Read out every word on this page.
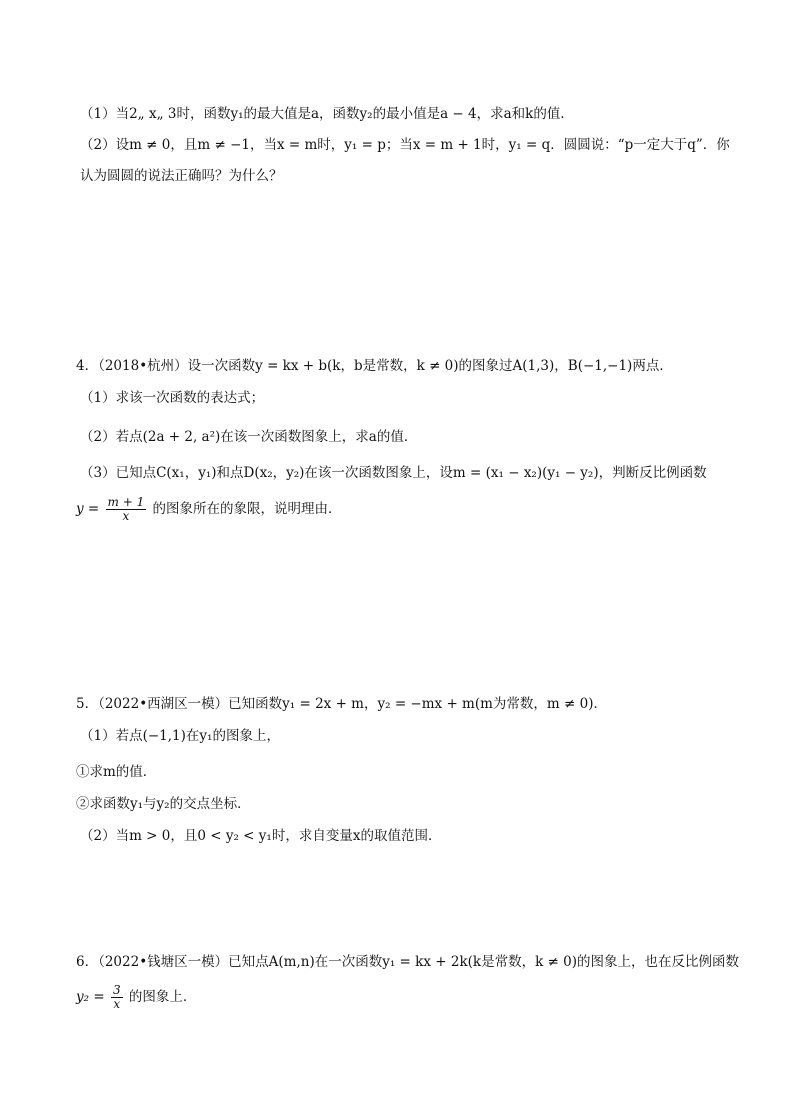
（1）当2„ x„ 3时，函数y₁的最大值是a，函数y₂的最小值是a − 4，求a和k的值．
（2）设m ≠ 0，且m ≠ −1，当x = m时，y₁ = p；当x = m + 1时，y₁ = q．圆圆说：“p一定大于q”．你
认为圆圆的说法正确吗？为什么？
4．（2018•杭州）设一次函数y = kx + b(k，b是常数，k ≠ 0)的图象过A(1,3)，B(−1,−1)两点．
（1）求该一次函数的表达式；
（2）若点(2a + 2, a²)在该一次函数图象上，求a的值．
（3）已知点C(x₁，y₁)和点D(x₂，y₂)在该一次函数图象上，设m = (x₁ − x₂)(y₁ − y₂)，判断反比例函数
$y = \frac{m + 1}{x}$ 的图象所在的象限，说明理由．
5．（2022•西湖区一模）已知函数y₁ = 2x + m，y₂ = −mx + m(m为常数，m ≠ 0)．
（1）若点(−1,1)在y₁的图象上，
①求m的值．
②求函数y₁与y₂的交点坐标．
（2）当m > 0，且0 < y₂ < y₁时，求自变量x的取值范围．
6．（2022•钱塘区一模）已知点A(m,n)在一次函数y₁ = kx + 2k(k是常数，k ≠ 0)的图象上，也在反比例函数
$y_2 = \frac{3}{x}$ 的图象上．
